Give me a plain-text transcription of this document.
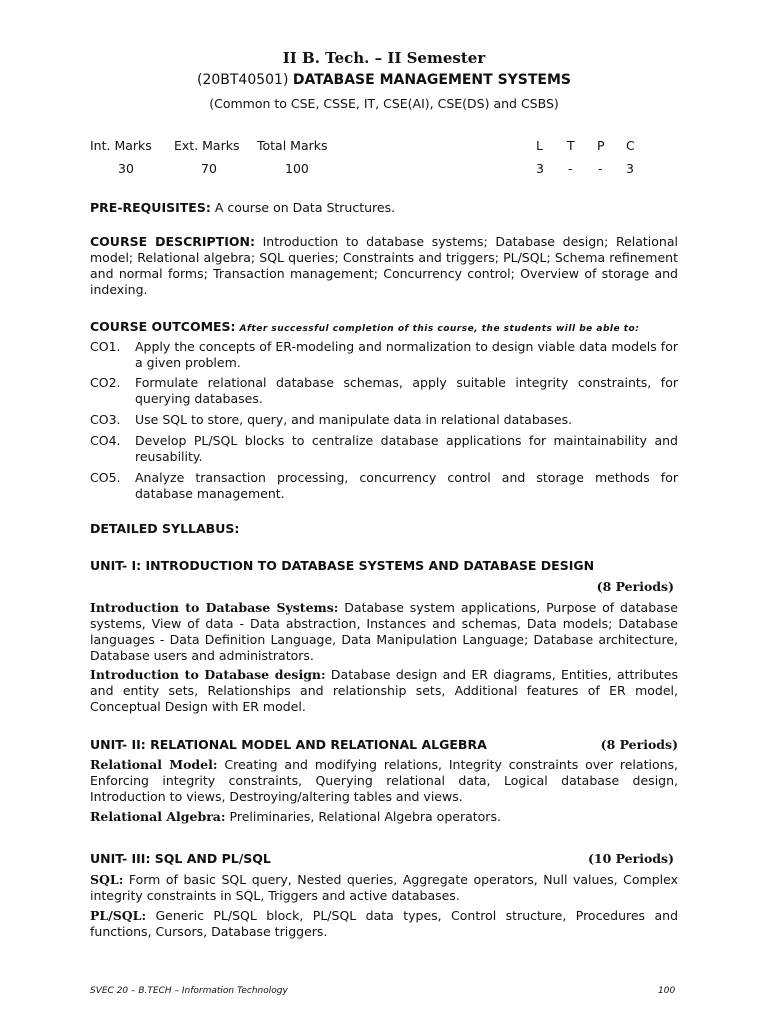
II B. Tech. – II Semester
(20BT40501) DATABASE MANAGEMENT SYSTEMS
(Common to CSE, CSSE, IT, CSE(AI), CSE(DS) and CSBS)
Int. Marks Ext. Marks Total Marks	L T P C
30	70	100	3 - - 3
PRE-REQUISITES: A course on Data Structures.
COURSE DESCRIPTION: Introduction to database systems; Database design; Relational model; Relational algebra; SQL queries; Constraints and triggers; PL/SQL; Schema refinement and normal forms; Transaction management; Concurrency control; Overview of storage and indexing.
COURSE OUTCOMES: After successful completion of this course, the students will be able to:
CO1. Apply the concepts of ER-modeling and normalization to design viable data models for a given problem.
CO2. Formulate relational database schemas, apply suitable integrity constraints, for querying databases.
CO3. Use SQL to store, query, and manipulate data in relational databases.
CO4. Develop PL/SQL blocks to centralize database applications for maintainability and reusability.
CO5. Analyze transaction processing, concurrency control and storage methods for database management.
DETAILED SYLLABUS:
UNIT- I: INTRODUCTION TO DATABASE SYSTEMS AND DATABASE DESIGN
(8 Periods)
Introduction to Database Systems: Database system applications, Purpose of database systems, View of data - Data abstraction, Instances and schemas, Data models; Database languages - Data Definition Language, Data Manipulation Language; Database architecture, Database users and administrators.
Introduction to Database design: Database design and ER diagrams, Entities, attributes and entity sets, Relationships and relationship sets, Additional features of ER model, Conceptual Design with ER model.
UNIT- II: RELATIONAL MODEL AND RELATIONAL ALGEBRA	(8 Periods)
Relational Model: Creating and modifying relations, Integrity constraints over relations, Enforcing integrity constraints, Querying relational data, Logical database design, Introduction to views, Destroying/altering tables and views.
Relational Algebra: Preliminaries, Relational Algebra operators.
UNIT- III: SQL AND PL/SQL	(10 Periods)
SQL: Form of basic SQL query, Nested queries, Aggregate operators, Null values, Complex integrity constraints in SQL, Triggers and active databases.
PL/SQL: Generic PL/SQL block, PL/SQL data types, Control structure, Procedures and functions, Cursors, Database triggers.
SVEC 20 – B.TECH – Information Technology	100
